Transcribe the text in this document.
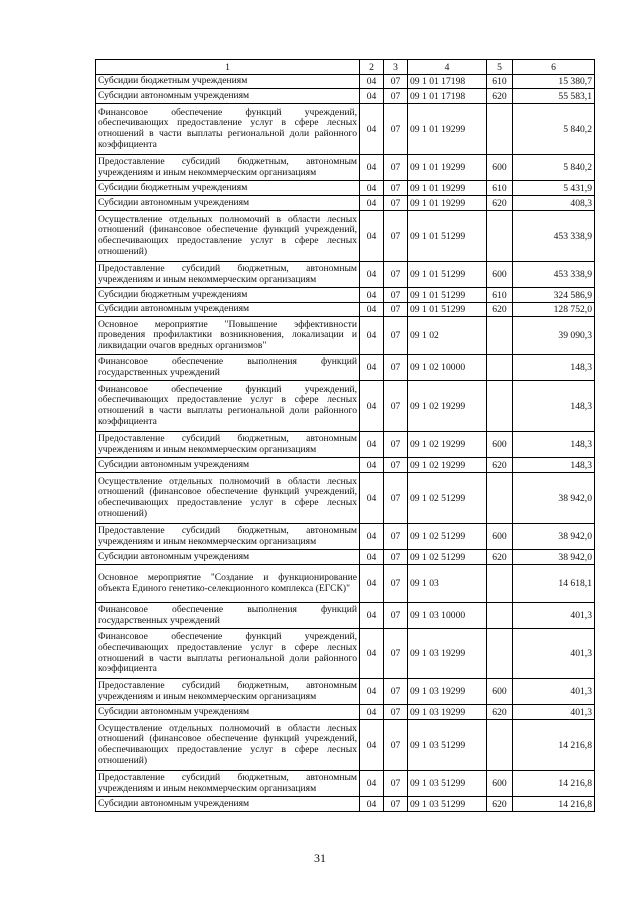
1	2	3	4	5	6
Субсидии бюджетным учреждениям	04	07	09 1 01 17198	610	15 380,7
Субсидии автономным учреждениям	04	07	09 1 01 17198	620	55 583,1
Финансовое обеспечение функций учреждений, обеспечивающих предоставление услуг в сфере лесных отношений в части выплаты региональной доли районного коэффициента	04	07	09 1 01 19299		5 840,2
Предоставление субсидий бюджетным, автономным учреждениям и иным некоммерческим организациям	04	07	09 1 01 19299	600	5 840,2
Субсидии бюджетным учреждениям	04	07	09 1 01 19299	610	5 431,9
Субсидии автономным учреждениям	04	07	09 1 01 19299	620	408,3
Осуществление отдельных полномочий в области лесных отношений (финансовое обеспечение функций учреждений, обеспечивающих предоставление услуг в сфере лесных отношений)	04	07	09 1 01 51299		453 338,9
Предоставление субсидий бюджетным, автономным учреждениям и иным некоммерческим организациям	04	07	09 1 01 51299	600	453 338,9
Субсидии бюджетным учреждениям	04	07	09 1 01 51299	610	324 586,9
Субсидии автономным учреждениям	04	07	09 1 01 51299	620	128 752,0
Основное мероприятие "Повышение эффективности проведения профилактики возникновения, локализации и ликвидации очагов вредных организмов"	04	07	09 1 02		39 090,3
Финансовое обеспечение выполнения функций государственных учреждений	04	07	09 1 02 10000		148,3
Финансовое обеспечение функций учреждений, обеспечивающих предоставление услуг в сфере лесных отношений в части выплаты региональной доли районного коэффициента	04	07	09 1 02 19299		148,3
Предоставление субсидий бюджетным, автономным учреждениям и иным некоммерческим организациям	04	07	09 1 02 19299	600	148,3
Субсидии автономным учреждениям	04	07	09 1 02 19299	620	148,3
Осуществление отдельных полномочий в области лесных отношений (финансовое обеспечение функций учреждений, обеспечивающих предоставление услуг в сфере лесных отношений)	04	07	09 1 02 51299		38 942,0
Предоставление субсидий бюджетным, автономным учреждениям и иным некоммерческим организациям	04	07	09 1 02 51299	600	38 942,0
Субсидии автономным учреждениям	04	07	09 1 02 51299	620	38 942,0
Основное мероприятие "Создание и функционирование объекта Единого генетико-селекционного комплекса (ЕГСК)"	04	07	09 1 03		14 618,1
Финансовое обеспечение выполнения функций государственных учреждений	04	07	09 1 03 10000		401,3
Финансовое обеспечение функций учреждений, обеспечивающих предоставление услуг в сфере лесных отношений в части выплаты региональной доли районного коэффициента	04	07	09 1 03 19299		401,3
Предоставление субсидий бюджетным, автономным учреждениям и иным некоммерческим организациям	04	07	09 1 03 19299	600	401,3
Субсидии автономным учреждениям	04	07	09 1 03 19299	620	401,3
Осуществление отдельных полномочий в области лесных отношений (финансовое обеспечение функций учреждений, обеспечивающих предоставление услуг в сфере лесных отношений)	04	07	09 1 03 51299		14 216,8
Предоставление субсидий бюджетным, автономным учреждениям и иным некоммерческим организациям	04	07	09 1 03 51299	600	14 216,8
Субсидии автономным учреждениям	04	07	09 1 03 51299	620	14 216,8
31
